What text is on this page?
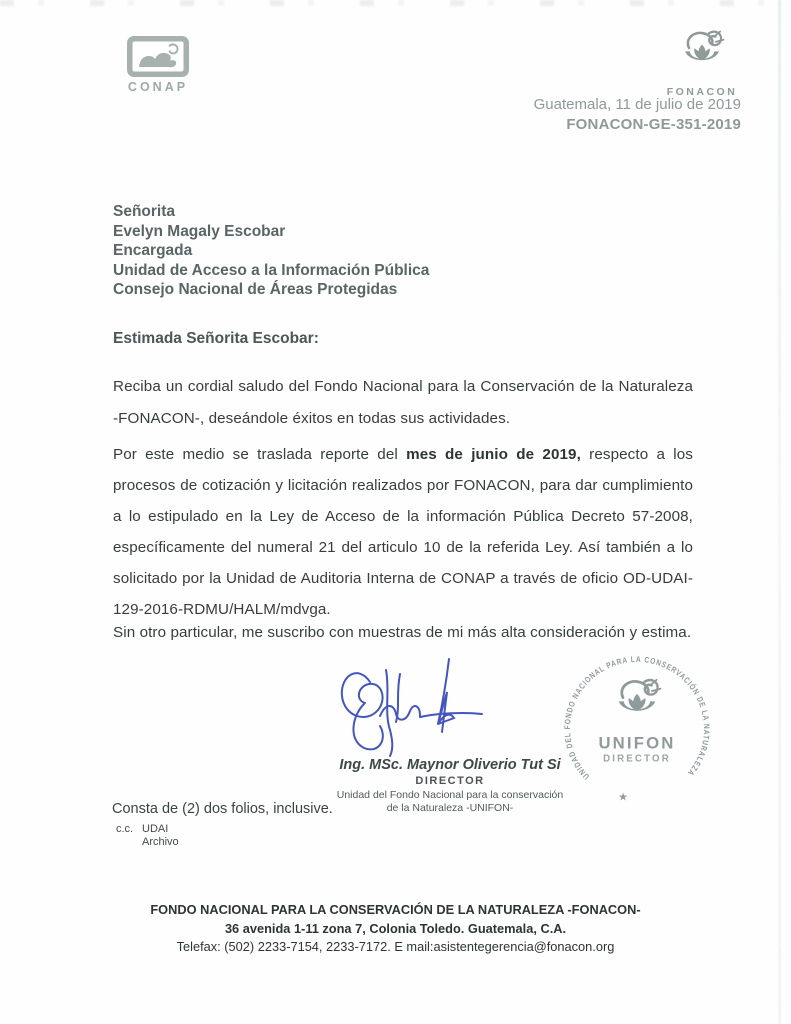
CONAP	FONACON
Guatemala, 11 de julio de 2019
FONACON-GE-351-2019
Señorita
Evelyn Magaly Escobar
Encargada
Unidad de Acceso a la Información Pública
Consejo Nacional de Áreas Protegidas
Estimada Señorita Escobar:

Reciba un cordial saludo del Fondo Nacional para la Conservación de la Naturaleza -FONACON-, deseándole éxitos en todas sus actividades.

Por este medio se traslada reporte del mes de junio de 2019, respecto a los procesos de cotización y licitación realizados por FONACON, para dar cumplimiento a lo estipulado en la Ley de Acceso de la información Pública Decreto 57-2008, específicamente del numeral 21 del articulo 10 de la referida Ley. Así también a lo solicitado por la Unidad de Auditoria Interna de CONAP a través de oficio OD-UDAI-129-2016-RDMU/HALM/mdvga.

Sin otro particular, me suscribo con muestras de mi más alta consideración y estima.

Ing. MSc. Maynor Oliverio Tut Si
DIRECTOR
Unidad del Fondo Nacional para la conservación
de la Naturaleza -UNIFON-
UNIDAD DEL FONDO NACIONAL PARA LA CONSERVACIÓN DE LA NATURALEZA
★
UNIFON
DIRECTOR
Consta de (2) dos folios, inclusive.
c.c. UDAI
Archivo
FONDO NACIONAL PARA LA CONSERVACIÓN DE LA NATURALEZA -FONACON-
36 avenida 1-11 zona 7, Colonia Toledo. Guatemala, C.A.
Telefax: (502) 2233-7154, 2233-7172. E mail:asistentegerencia@fonacon.org
